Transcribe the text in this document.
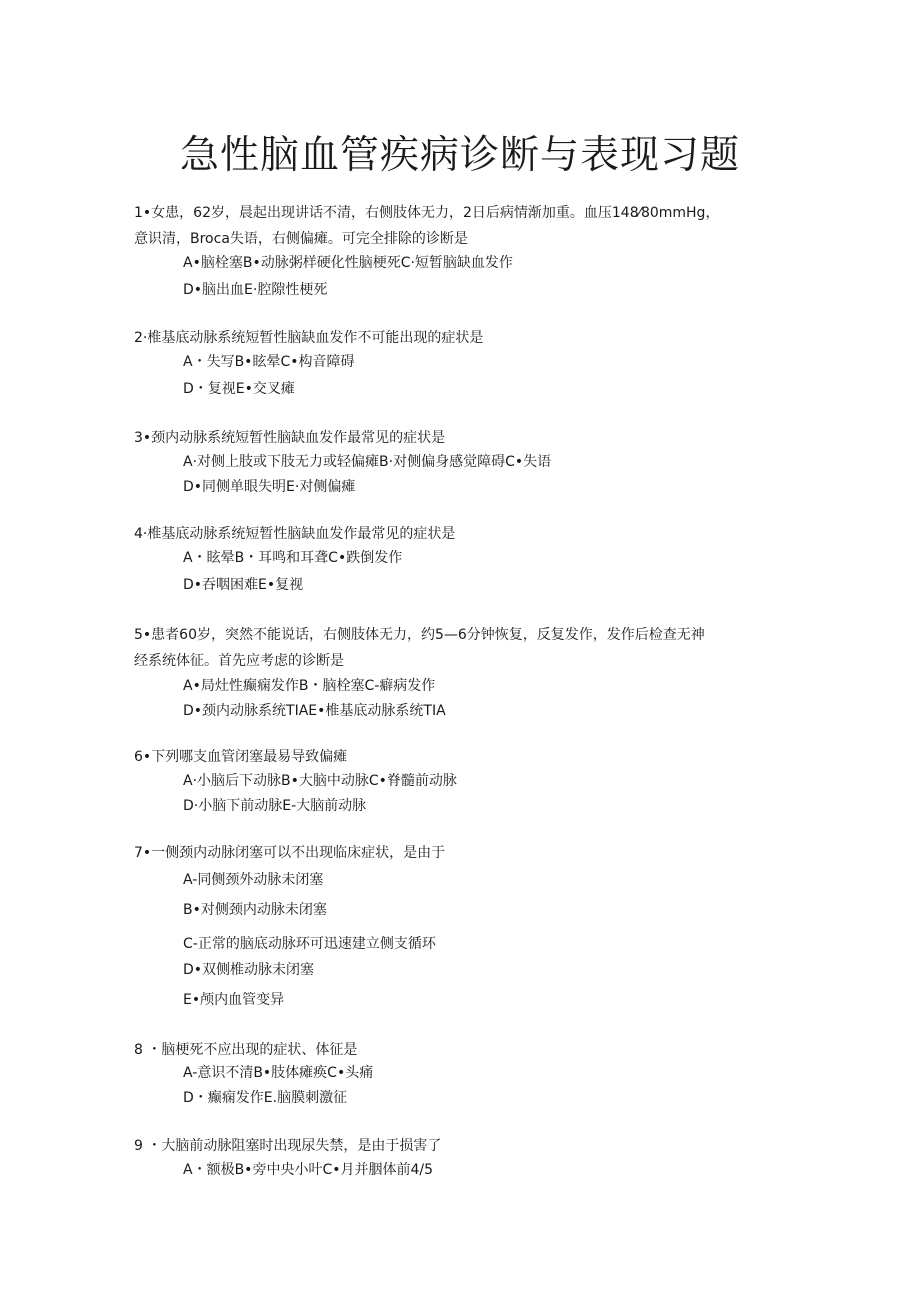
急性脑血管疾病诊断与表现习题
1•女患，62岁，晨起出现讲话不清，右侧肢体无力，2日后病情渐加重。血压148⁄80mmHg，
意识清，Broca失语，右侧偏瘫。可完全排除的诊断是
A•脑栓塞B•动脉粥样硬化性脑梗死C·短暂脑缺血发作
D•脑出血E·腔隙性梗死
2·椎基底动脉系统短暂性脑缺血发作不可能出现的症状是
A・失写B•眩晕C•构音障碍
D・复视E•交叉瘫
3•颈内动脉系统短暂性脑缺血发作最常见的症状是
A·对侧上肢或下肢无力或轻偏瘫B·对侧偏身感觉障碍C•失语
D•同侧单眼失明E·对侧偏瘫
4·椎基底动脉系统短暂性脑缺血发作最常见的症状是
A・眩晕B・耳鸣和耳聋C•跌倒发作
D•吞咽困难E•复视
5•患者60岁，突然不能说话，右侧肢体无力，约5—6分钟恢复，反复发作，发作后检查无神
经系统体征。首先应考虑的诊断是
A•局灶性癫痫发作B・脑栓塞C-癖病发作
D•颈内动脉系统TIAE•椎基底动脉系统TIA
6•下列哪支血管闭塞最易导致偏瘫
A·小脑后下动脉B•大脑中动脉C•脊髓前动脉
D·小脑下前动脉E-大脑前动脉
7•一侧颈内动脉闭塞可以不出现临床症状，是由于
A-同侧颈外动脉未闭塞
B•对侧颈内动脉未闭塞
C-正常的脑底动脉环可迅速建立侧支循环
D•双侧椎动脉未闭塞
E•颅内血管变异
8 ・脑梗死不应出现的症状、体征是
A-意识不清B•肢体瘫痪C•头痛
D・癫痫发作E.脑膜刺激征
9 ・大脑前动脉阻塞时出现尿失禁，是由于损害了
A・额极B•旁中央小叶C•月并胭体前4/5
